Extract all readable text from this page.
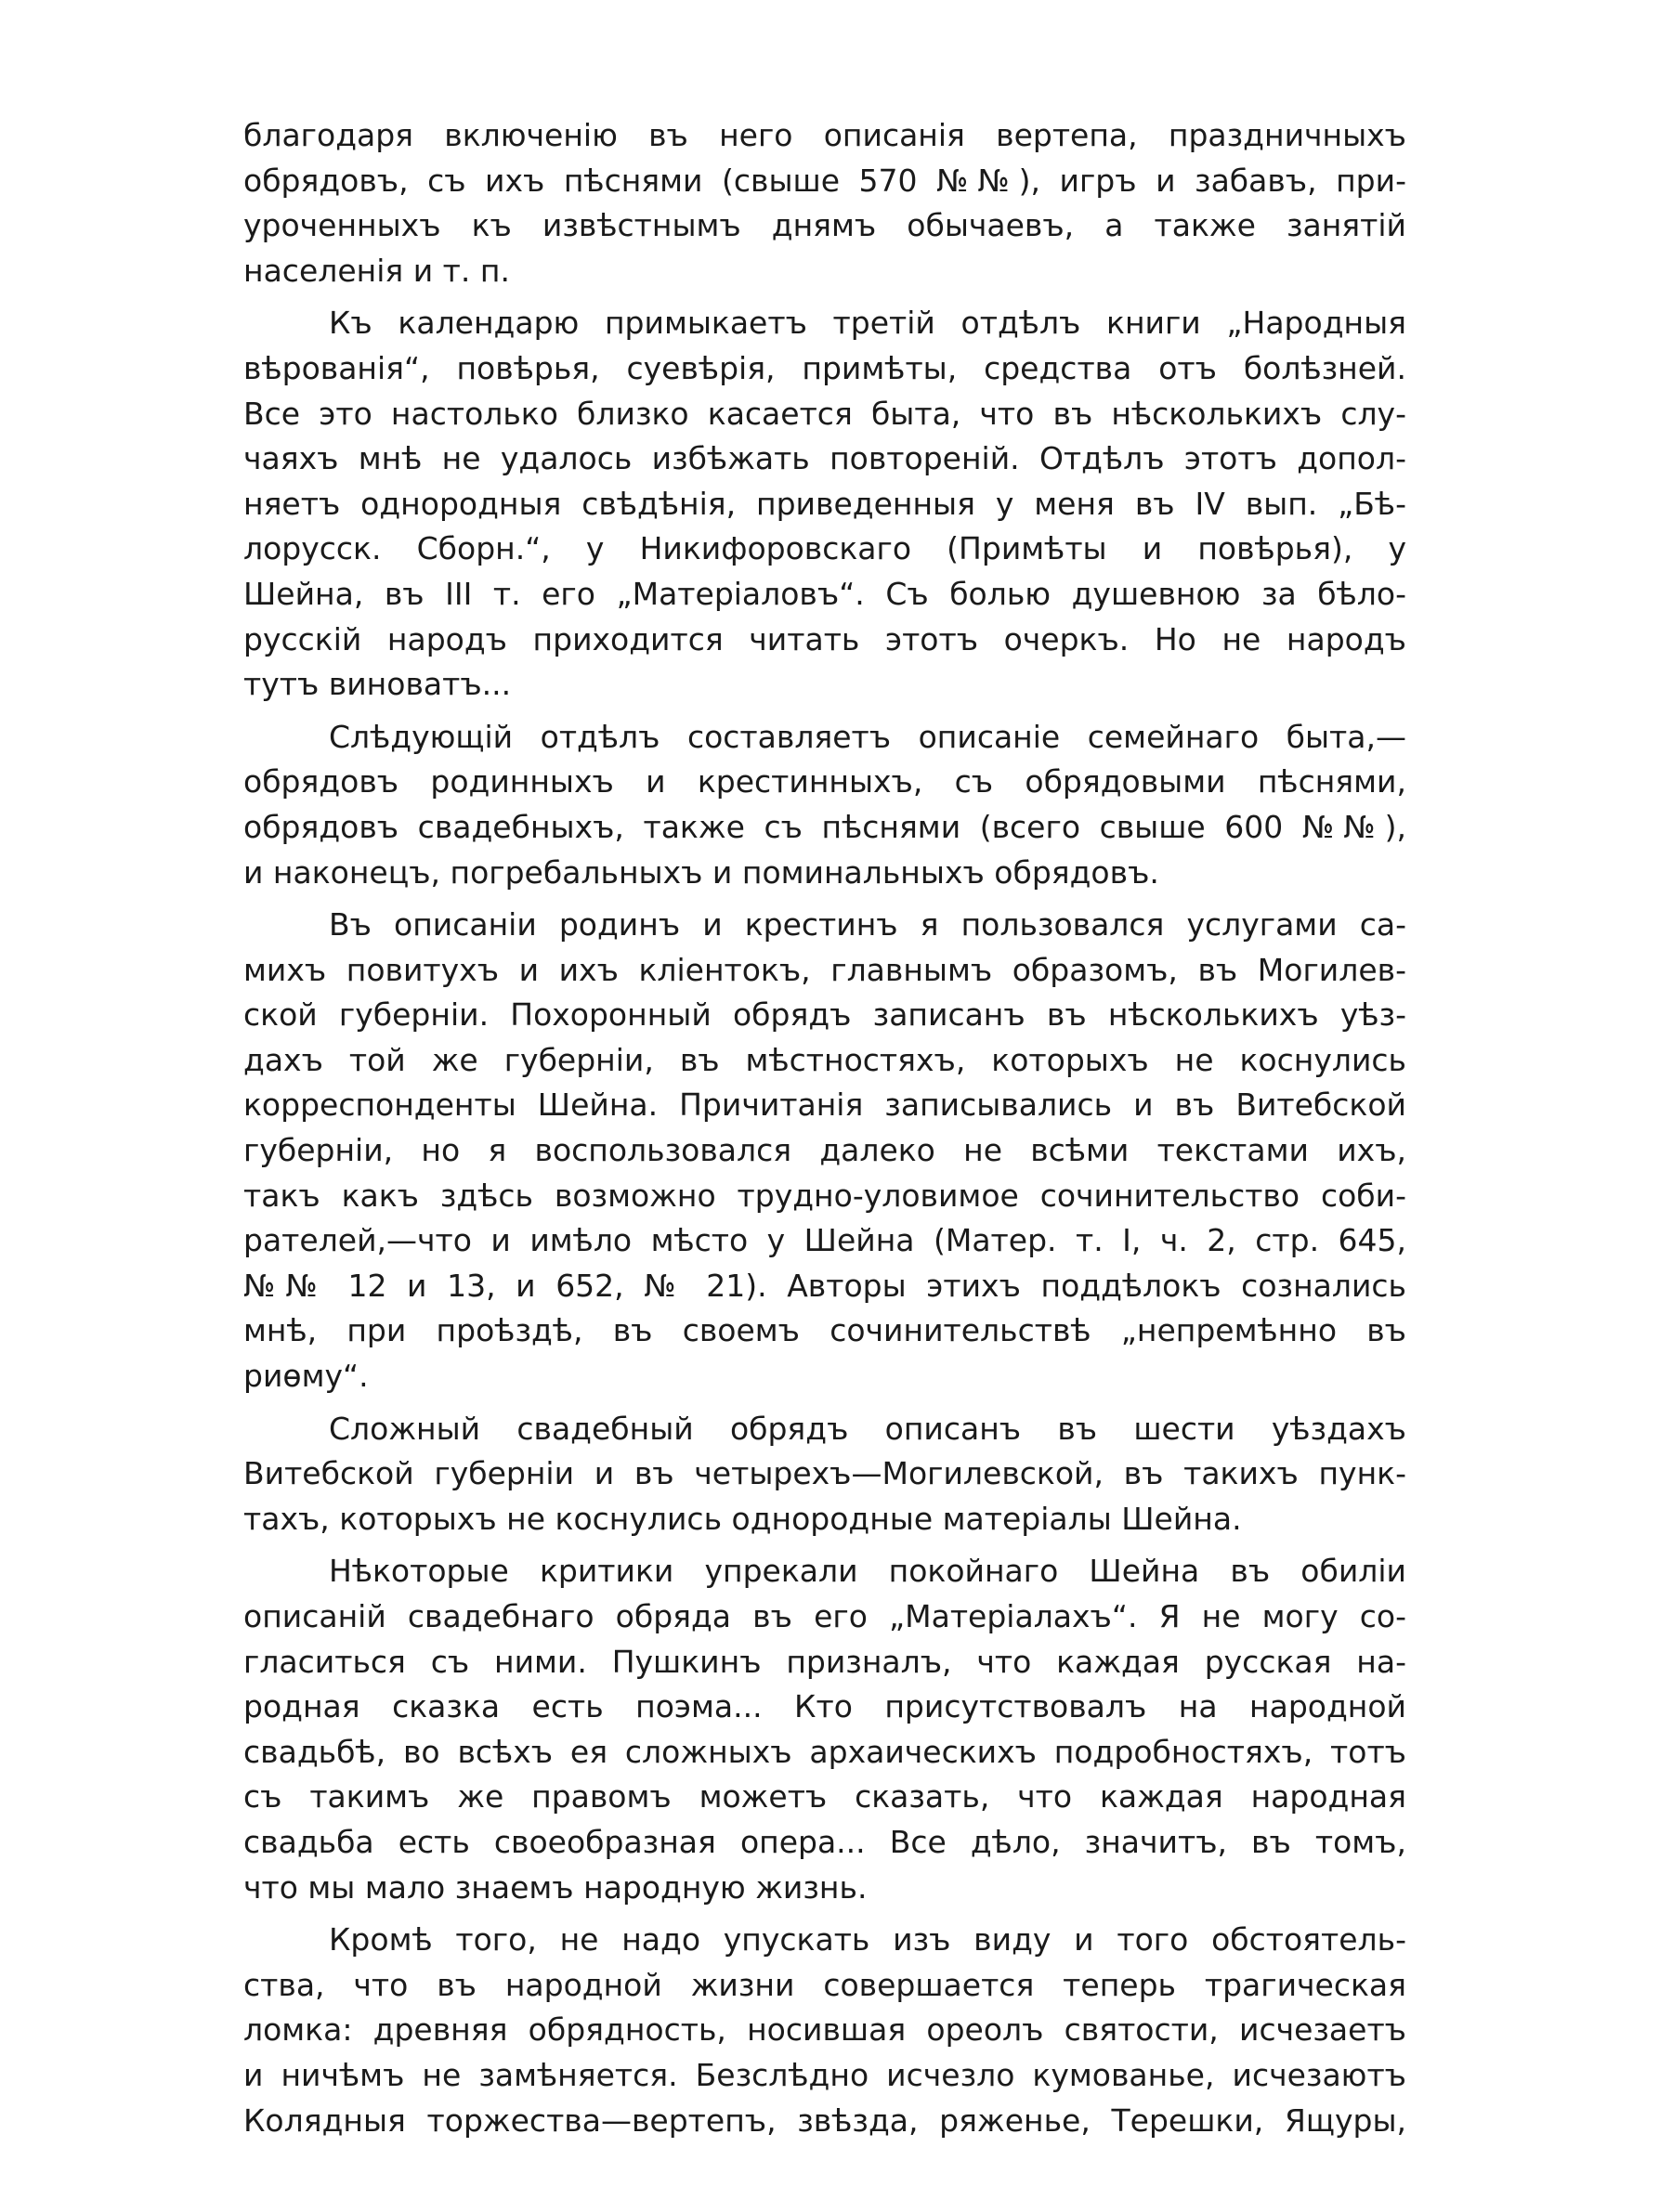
благодаря включенію въ него описанія вертепа, праздничныхъ
обрядовъ, съ ихъ пѣснями (свыше 570 №№), игръ и забавъ, при-
уроченныхъ къ извѣстнымъ днямъ обычаевъ, а также занятій
населенія и т. п.
Къ календарю примыкаетъ третій отдѣлъ книги „Народныя
вѣрованія“, повѣрья, суевѣрія, примѣты, средства отъ болѣзней.
Все это настолько близко касается быта, что въ нѣсколькихъ слу-
чаяхъ мнѣ не удалось избѣжать повтореній. Отдѣлъ этотъ допол-
няетъ однородныя свѣдѣнія, приведенныя у меня въ IV вып. „Бѣ-
лорусск. Сборн.“, у Никифоровскаго (Примѣты и повѣрья), у
Шейна, въ III т. его „Матеріаловъ“. Съ болью душевною за бѣло-
русскій народъ приходится читать этотъ очеркъ. Но не народъ
тутъ виноватъ...
Слѣдующій отдѣлъ составляетъ описаніе семейнаго быта,—
обрядовъ родинныхъ и крестинныхъ, съ обрядовыми пѣснями,
обрядовъ свадебныхъ, также съ пѣснями (всего свыше 600 №№),
и наконецъ, погребальныхъ и поминальныхъ обрядовъ.
Въ описаніи родинъ и крестинъ я пользовался услугами са-
михъ повитухъ и ихъ кліентокъ, главнымъ образомъ, въ Могилев-
ской губерніи. Похоронный обрядъ записанъ въ нѣсколькихъ уѣз-
дахъ той же губерніи, въ мѣстностяхъ, которыхъ не коснулись
корреспонденты Шейна. Причитанія записывались и въ Витебской
губерніи, но я воспользовался далеко не всѣми текстами ихъ,
такъ какъ здѣсь возможно трудно-уловимое сочинительство соби-
рателей,—что и имѣло мѣсто у Шейна (Матер. т. I, ч. 2, стр. 645,
№№ 12 и 13, и 652, № 21). Авторы этихъ поддѣлокъ сознались
мнѣ, при проѣздѣ, въ своемъ сочинительствѣ „непремѣнно въ
риѳму“.
Сложный свадебный обрядъ описанъ въ шести уѣздахъ
Витебской губерніи и въ четырехъ—Могилевской, въ такихъ пунк-
тахъ, которыхъ не коснулись однородные матеріалы Шейна.
Нѣкоторые критики упрекали покойнаго Шейна въ обиліи
описаній свадебнаго обряда въ его „Матеріалахъ“. Я не могу со-
гласиться съ ними. Пушкинъ призналъ, что каждая русская на-
родная сказка есть поэма... Кто присутствовалъ на народной
свадьбѣ, во всѣхъ ея сложныхъ архаическихъ подробностяхъ, тотъ
съ такимъ же правомъ можетъ сказать, что каждая народная
свадьба есть своеобразная опера... Все дѣло, значитъ, въ томъ,
что мы мало знаемъ народную жизнь.
Кромѣ того, не надо упускать изъ виду и того обстоятель-
ства, что въ народной жизни совершается теперь трагическая
ломка: древняя обрядность, носившая ореолъ святости, исчезаетъ
и ничѣмъ не замѣняется. Безслѣдно исчезло кумованье, исчезаютъ
Колядныя торжества—вертепъ, звѣзда, ряженье, Терешки, Ящуры,
